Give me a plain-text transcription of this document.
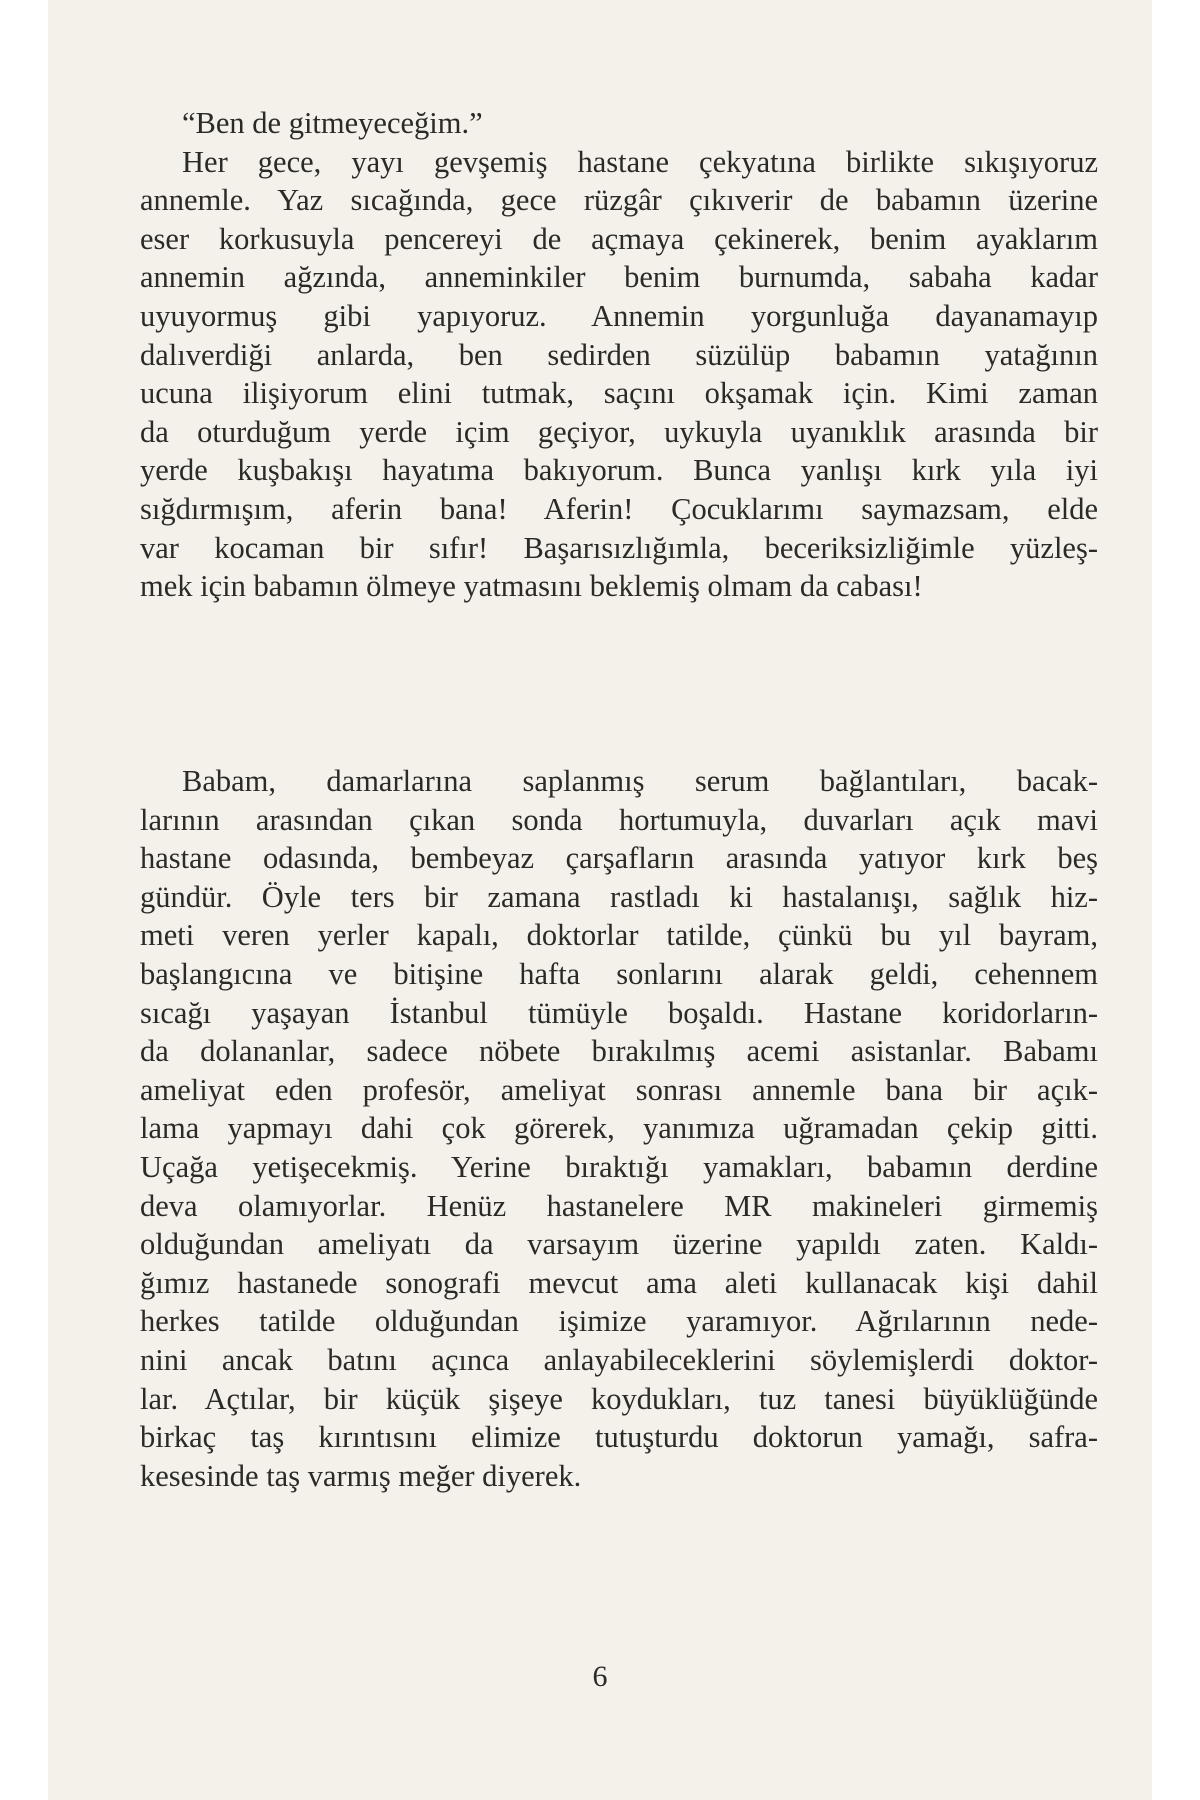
“Ben de gitmeyeceğim.”
Her gece, yayı gevşemiş hastane çekyatına birlikte sıkışıyoruz
annemle. Yaz sıcağında, gece rüzgâr çıkıverir de babamın üzerine
eser korkusuyla pencereyi de açmaya çekinerek, benim ayaklarım
annemin ağzında, anneminkiler benim burnumda, sabaha kadar
uyuyormuş gibi yapıyoruz. Annemin yorgunluğa dayanamayıp
dalıverdiği anlarda, ben sedirden süzülüp babamın yatağının
ucuna ilişiyorum elini tutmak, saçını okşamak için. Kimi zaman
da oturduğum yerde içim geçiyor, uykuyla uyanıklık arasında bir
yerde kuşbakışı hayatıma bakıyorum. Bunca yanlışı kırk yıla iyi
sığdırmışım, aferin bana! Aferin! Çocuklarımı saymazsam, elde
var kocaman bir sıfır! Başarısızlığımla, beceriksizliğimle yüzleş-
mek için babamın ölmeye yatmasını beklemiş olmam da cabası!
Babam, damarlarına saplanmış serum bağlantıları, bacak-
larının arasından çıkan sonda hortumuyla, duvarları açık mavi
hastane odasında, bembeyaz çarşafların arasında yatıyor kırk beş
gündür. Öyle ters bir zamana rastladı ki hastalanışı, sağlık hiz-
meti veren yerler kapalı, doktorlar tatilde, çünkü bu yıl bayram,
başlangıcına ve bitişine hafta sonlarını alarak geldi, cehennem
sıcağı yaşayan İstanbul tümüyle boşaldı. Hastane koridorların-
da dolananlar, sadece nöbete bırakılmış acemi asistanlar. Babamı
ameliyat eden profesör, ameliyat sonrası annemle bana bir açık-
lama yapmayı dahi çok görerek, yanımıza uğramadan çekip gitti.
Uçağa yetişecekmiş. Yerine bıraktığı yamakları, babamın derdine
deva olamıyorlar. Henüz hastanelere MR makineleri girmemiş
olduğundan ameliyatı da varsayım üzerine yapıldı zaten. Kaldı-
ğımız hastanede sonografi mevcut ama aleti kullanacak kişi dahil
herkes tatilde olduğundan işimize yaramıyor. Ağrılarının nede-
nini ancak batını açınca anlayabileceklerini söylemişlerdi doktor-
lar. Açtılar, bir küçük şişeye koydukları, tuz tanesi büyüklüğünde
birkaç taş kırıntısını elimize tutuşturdu doktorun yamağı, safra-
kesesinde taş varmış meğer diyerek.
6
